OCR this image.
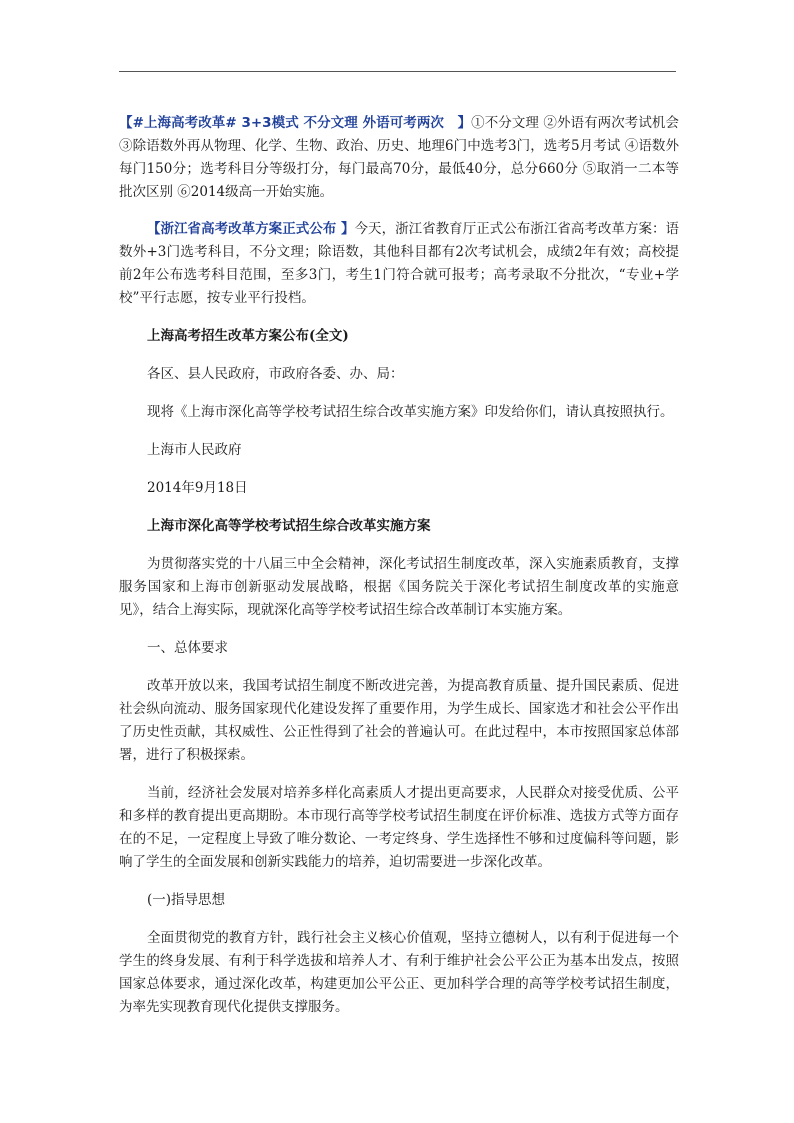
【#上海高考改革# 3+3模式 不分文理 外语可考两次　】①不分文理 ②外语有两次考试机会 ③除语数外再从物理、化学、生物、政治、历史、地理6门中选考3门，选考5月考试 ④语数外每门150分；选考科目分等级打分，每门最高70分，最低40分，总分660分 ⑤取消一二本等批次区别 ⑥2014级高一开始实施。

【浙江省高考改革方案正式公布 】今天，浙江省教育厅正式公布浙江省高考改革方案：语数外+3门选考科目，不分文理；除语数，其他科目都有2次考试机会，成绩2年有效；高校提前2年公布选考科目范围，至多3门，考生1门符合就可报考；高考录取不分批次，“专业+学校”平行志愿，按专业平行投档。

上海高考招生改革方案公布(全文)

各区、县人民政府，市政府各委、办、局：

现将《上海市深化高等学校考试招生综合改革实施方案》印发给你们，请认真按照执行。

上海市人民政府

2014年9月18日

上海市深化高等学校考试招生综合改革实施方案

为贯彻落实党的十八届三中全会精神，深化考试招生制度改革，深入实施素质教育，支撑服务国家和上海市创新驱动发展战略，根据《国务院关于深化考试招生制度改革的实施意见》，结合上海实际，现就深化高等学校考试招生综合改革制订本实施方案。

一、总体要求

改革开放以来，我国考试招生制度不断改进完善，为提高教育质量、提升国民素质、促进社会纵向流动、服务国家现代化建设发挥了重要作用，为学生成长、国家选才和社会公平作出了历史性贡献，其权威性、公正性得到了社会的普遍认可。在此过程中，本市按照国家总体部署，进行了积极探索。

当前，经济社会发展对培养多样化高素质人才提出更高要求，人民群众对接受优质、公平和多样的教育提出更高期盼。本市现行高等学校考试招生制度在评价标准、选拔方式等方面存在的不足，一定程度上导致了唯分数论、一考定终身、学生选择性不够和过度偏科等问题，影响了学生的全面发展和创新实践能力的培养，迫切需要进一步深化改革。

(一)指导思想

全面贯彻党的教育方针，践行社会主义核心价值观，坚持立德树人，以有利于促进每一个学生的终身发展、有利于科学选拔和培养人才、有利于维护社会公平公正为基本出发点，按照国家总体要求，通过深化改革，构建更加公平公正、更加科学合理的高等学校考试招生制度，为率先实现教育现代化提供支撑服务。
